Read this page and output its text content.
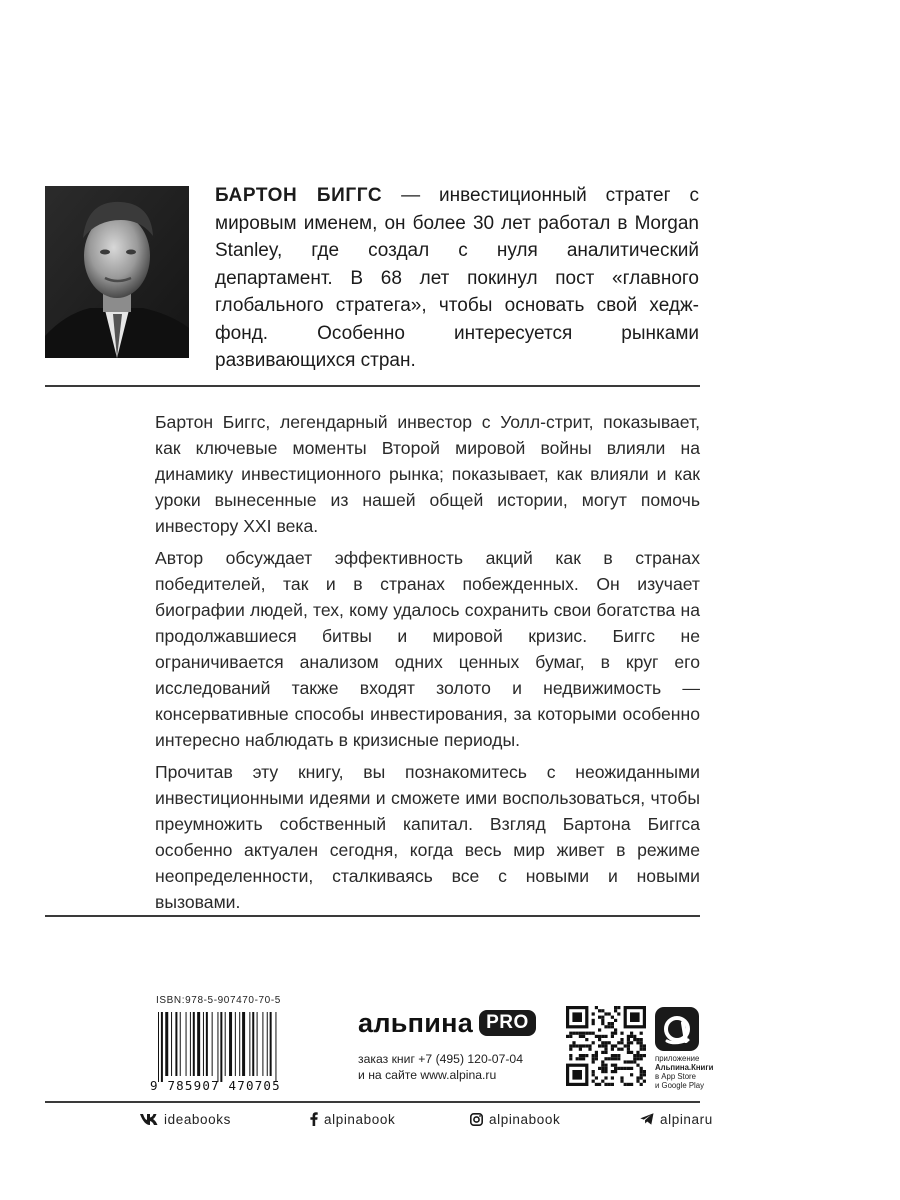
БАРТОН БИГГС — инвестиционный стратег с мировым именем, он более 30 лет работал в Morgan Stanley, где создал с нуля аналитический департамент. В 68 лет покинул пост «главного глобального стратега», чтобы основать свой хедж-фонд. Особенно интересуется рынками развивающихся стран.

Бартон Биггс, легендарный инвестор с Уолл-стрит, показывает, как ключевые моменты Второй мировой войны влияли на динамику инвестиционного рынка; показывает, как влияли и как уроки вынесенные из нашей общей истории, могут помочь инвестору XXI века.

Автор обсуждает эффективность акций как в странах победителей, так и в странах побежденных. Он изучает биографии людей, тех, кому удалось сохранить свои богатства на продолжавшиеся битвы и мировой кризис. Биггс не ограничивается анализом одних ценных бумаг, в круг его исследований также входят золото и недвижимость — консервативные способы инвестирования, за которыми особенно интересно наблюдать в кризисные периоды.

Прочитав эту книгу, вы познакомитесь с неожиданными инвестиционными идеями и сможете ими воспользоваться, чтобы преумножить собственный капитал. Взгляд Бартона Биггса особенно актуален сегодня, когда весь мир живет в режиме неопределенности, сталкиваясь все с новыми и новыми вызовами.

ISBN:978-5-907470-70-5
9 785907 470705
альпина PRO
заказ книг +7 (495) 120-07-04
и на сайте www.alpina.ru
приложение
Альпина.Книги
в App Store
и Google Play
ideabooks	alpinabook	alpinabook	alpinaru
